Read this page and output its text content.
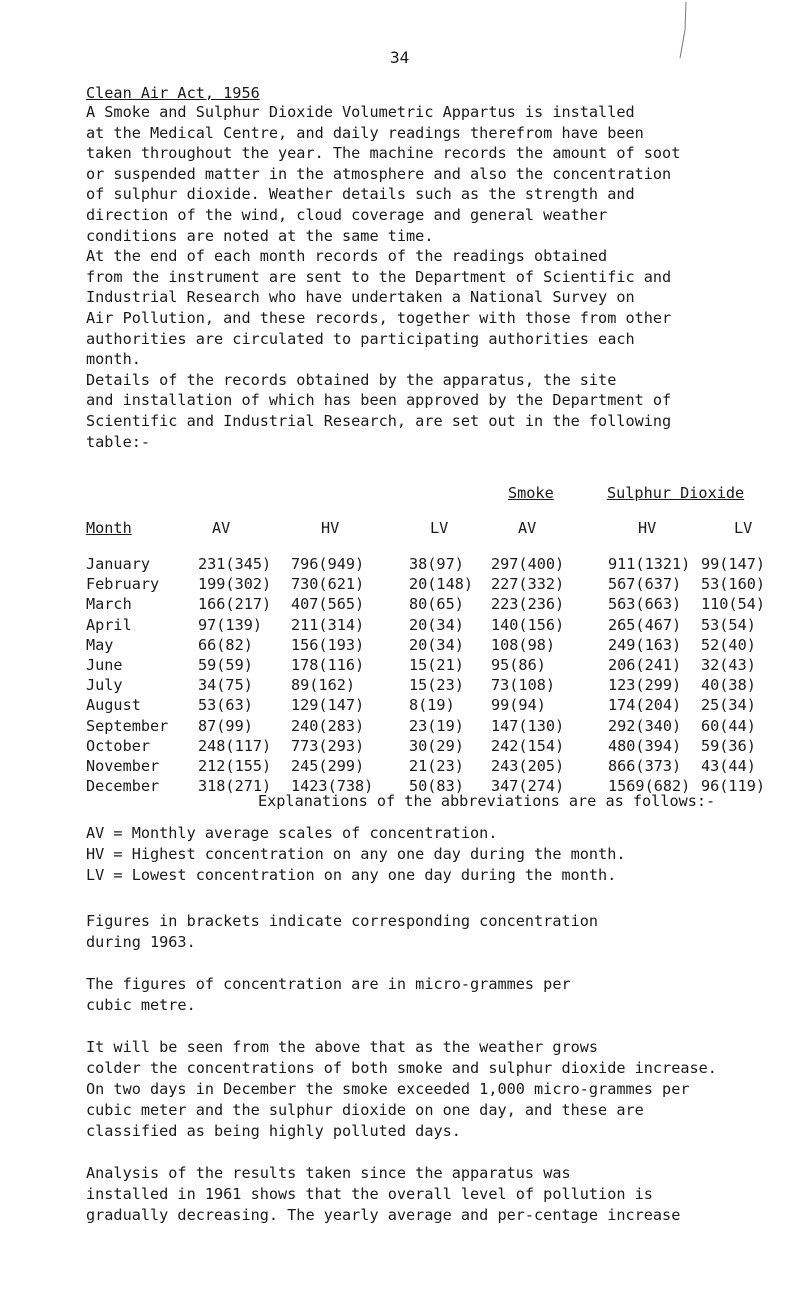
34
Clean Air Act, 1956
A Smoke and Sulphur Dioxide Volumetric Appartus is installed
at the Medical Centre, and daily readings therefrom have been
taken throughout the year. The machine records the amount of soot
or suspended matter in the atmosphere and also the concentration
of sulphur dioxide. Weather details such as the strength and
direction of the wind, cloud coverage and general weather
conditions are noted at the same time.
At the end of each month records of the readings obtained
from the instrument are sent to the Department of Scientific and
Industrial Research who have undertaken a National Survey on
Air Pollution, and these records, together with those from other
authorities are circulated to participating authorities each
month.
Details of the records obtained by the apparatus, the site
and installation of which has been approved by the Department of
Scientific and Industrial Research, are set out in the following
table:-
Smoke	Sulphur Dioxide
Month	AV	HV	LV	AV	HV	LV
January	231(345) 796(949)	38(97) 297(400)	911(1321) 99(147)
February	199(302) 730(621)	20(148) 227(332)	567(637) 53(160)
March	166(217) 407(565)	80(65) 223(236)	563(663) 110(54)
April	97(139) 211(314)	20(34) 140(156)	265(467) 53(54)
May	66(82)	156(193)	20(34) 108(98)	249(163) 52(40)
June	59(59)	178(116)	15(21) 95(86)	206(241) 32(43)
July	34(75)	89(162)	15(23) 73(108)	123(299) 40(38)
August	53(63)	129(147)	8(19) 99(94)	174(204) 25(34)
September 87(99)	240(283)	23(19) 147(130)	292(340) 60(44)
October	248(117) 773(293)	30(29) 242(154)	480(394) 59(36)
November	212(155) 245(299)	21(23) 243(205)	866(373) 43(44)
December	318(271) 1423(738) 50(83) 347(274)	1569(682) 96(119)
Explanations of the abbreviations are as follows:-
AV = Monthly average scales of concentration.
HV = Highest concentration on any one day during the month.
LV = Lowest concentration on any one day during the month.
Figures in brackets indicate corresponding concentration
during 1963.
The figures of concentration are in micro-grammes per
cubic metre.
It will be seen from the above that as the weather grows
colder the concentrations of both smoke and sulphur dioxide increase.
On two days in December the smoke exceeded 1,000 micro-grammes per
cubic meter and the sulphur dioxide on one day, and these are
classified as being highly polluted days.
Analysis of the results taken since the apparatus was
installed in 1961 shows that the overall level of pollution is
gradually decreasing. The yearly average and per-centage increase
